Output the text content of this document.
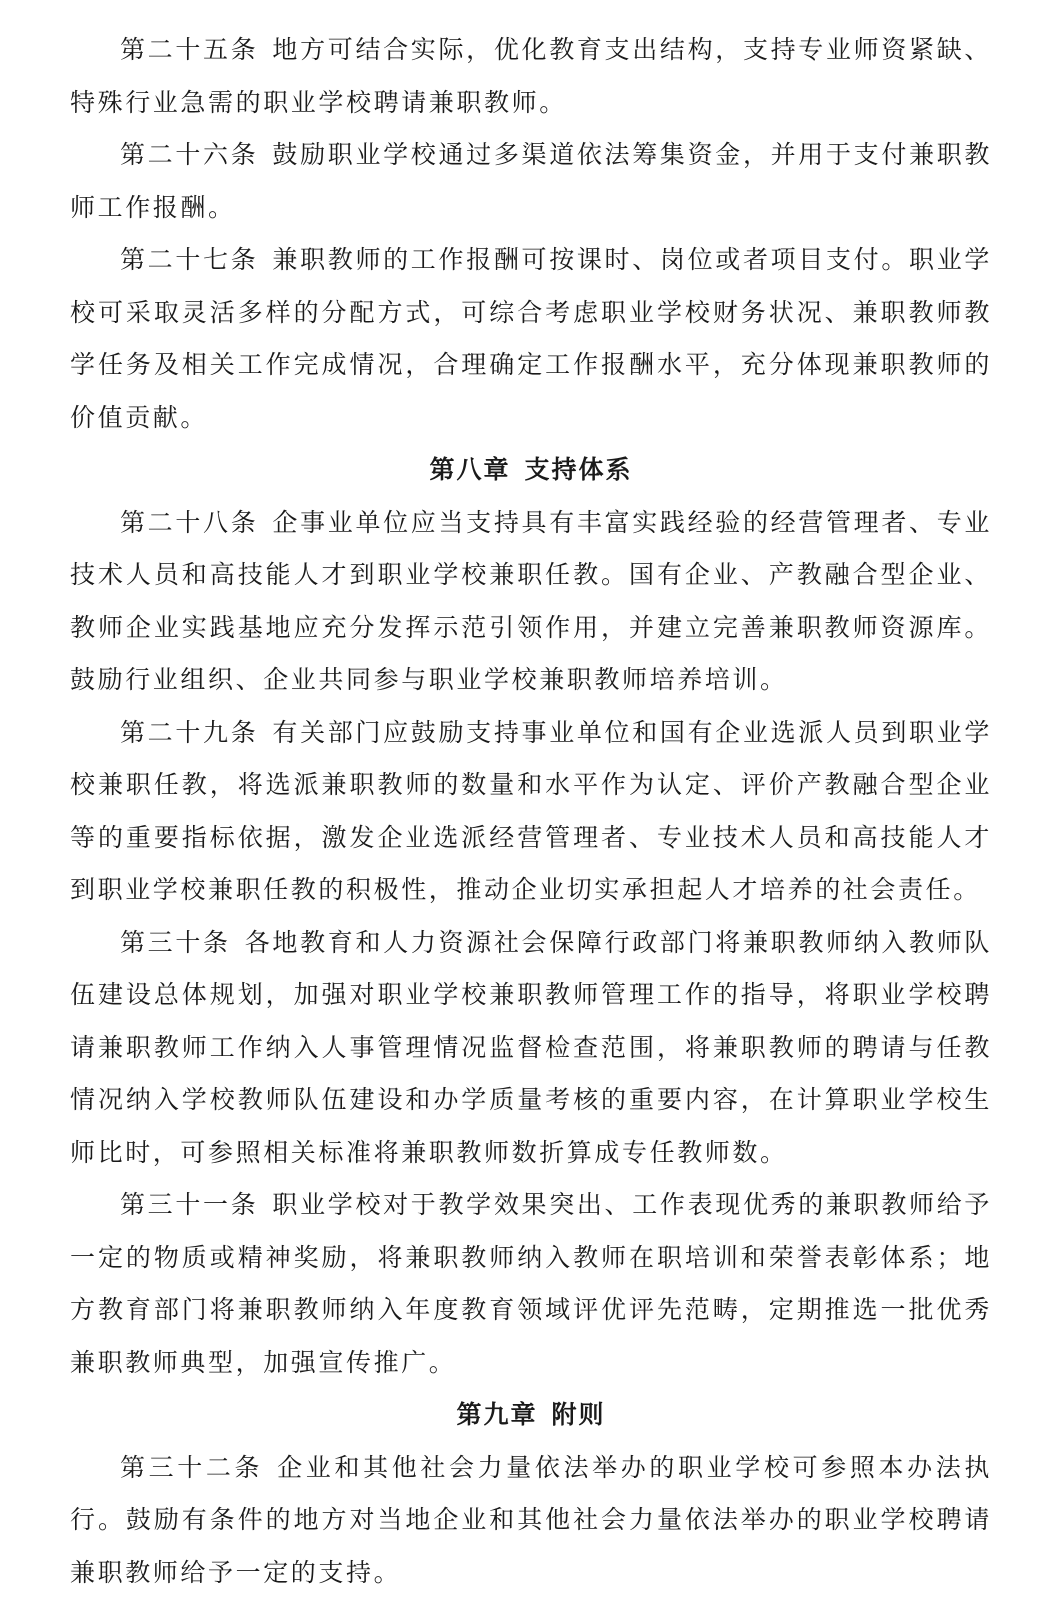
第二十五条 地方可结合实际，优化教育支出结构，支持专业师资紧缺、特殊行业急需的职业学校聘请兼职教师。

第二十六条 鼓励职业学校通过多渠道依法筹集资金，并用于支付兼职教师工作报酬。

第二十七条 兼职教师的工作报酬可按课时、岗位或者项目支付。职业学校可采取灵活多样的分配方式，可综合考虑职业学校财务状况、兼职教师教学任务及相关工作完成情况，合理确定工作报酬水平，充分体现兼职教师的价值贡献。

第八章 支持体系

第二十八条 企事业单位应当支持具有丰富实践经验的经营管理者、专业技术人员和高技能人才到职业学校兼职任教。国有企业、产教融合型企业、教师企业实践基地应充分发挥示范引领作用，并建立完善兼职教师资源库。鼓励行业组织、企业共同参与职业学校兼职教师培养培训。

第二十九条 有关部门应鼓励支持事业单位和国有企业选派人员到职业学校兼职任教，将选派兼职教师的数量和水平作为认定、评价产教融合型企业等的重要指标依据，激发企业选派经营管理者、专业技术人员和高技能人才到职业学校兼职任教的积极性，推动企业切实承担起人才培养的社会责任。

第三十条 各地教育和人力资源社会保障行政部门将兼职教师纳入教师队伍建设总体规划，加强对职业学校兼职教师管理工作的指导，将职业学校聘请兼职教师工作纳入人事管理情况监督检查范围，将兼职教师的聘请与任教情况纳入学校教师队伍建设和办学质量考核的重要内容，在计算职业学校生师比时，可参照相关标准将兼职教师数折算成专任教师数。

第三十一条 职业学校对于教学效果突出、工作表现优秀的兼职教师给予一定的物质或精神奖励，将兼职教师纳入教师在职培训和荣誉表彰体系；地方教育部门将兼职教师纳入年度教育领域评优评先范畴，定期推选一批优秀兼职教师典型，加强宣传推广。

第九章 附则

第三十二条 企业和其他社会力量依法举办的职业学校可参照本办法执行。鼓励有条件的地方对当地企业和其他社会力量依法举办的职业学校聘请兼职教师给予一定的支持。
